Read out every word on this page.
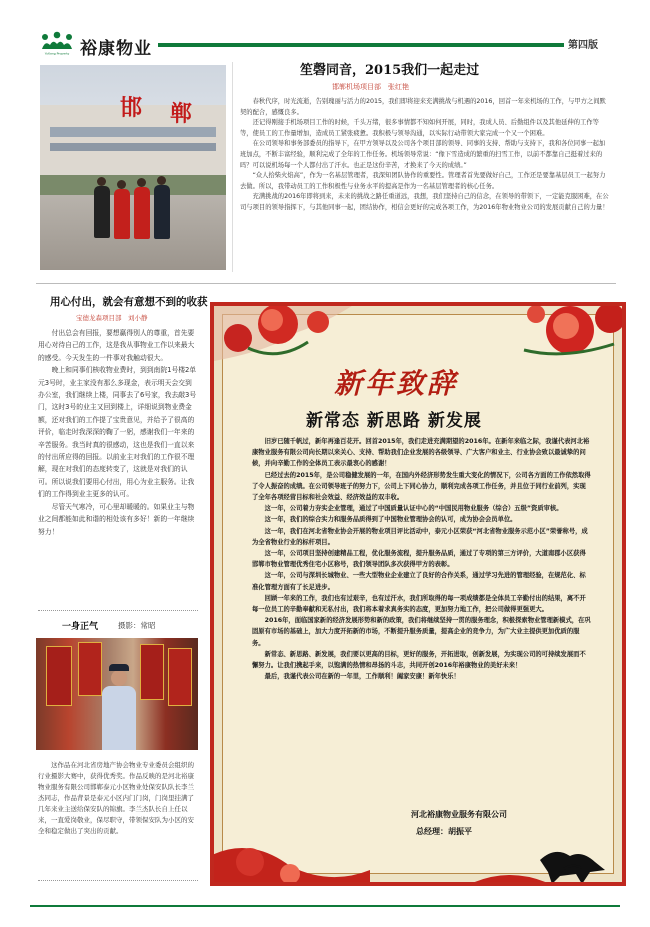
YuKang Property 裕康物业	第四版
邯 郸
笙磬同音，2015我们一起走过
邯郸机场项目部　张红艳

春秋代序，时光流逝，告别瑰丽与活力的2015，我们即将迎来充满挑战与机遇的2016，回首一年来机场的工作，与甲方之间默契的配合，感慨良多。

还记得刚接手机场项目工作的时候，千头万绪，很多事情都不知如何开展，同时，我成人员、后勤组件以及其他延伸的工作等等，使员工的工作量增加，造成员工紧张疲惫。我积极与领导沟通，以实际行动带领大家完成一个又一个困难。

在公司领导和事务部委员的指导下，在甲方领导以及公司各个项目部的领导、同事的支持、帮助与支持下，我和各位同事一起加班加点，不断丰富经验，顺利完成了全年的工作任务。机场领导常说：“像下雪造成的繁重的扫雪工作，以前不都靠自己挺着过来的吗？可以说机场每一个人都付出了汗水。也正是这份辛苦，才换来了今天的成绩。”

“众人拾柴火焰高”，作为一名基层管理者，我深知团队协作的重要性。管理者首先要做好自己，工作还是要靠基层员工一起努力去做。所以，我带动员工的工作积极性与业务水平的提高是作为一名基层管理者的核心任务。

充满挑战的2016年即将到来，未来的挑战之路任重道远，我想，我们坚持自己的信念，在领导的带领下，一定能克服困难，在公司与项目的领导指挥下，与其他同事一起，团结协作，相信会更好的完成各项工作，为2016年物业物业公司的发展贡献自己的力量！

用心付出，就会有意想不到的收获
宝德龙森项目部　刘小静

付出总会有回报，要想赢得别人的尊重，首先要用心对待自己的工作，这是我从事物业工作以来最大的感受。今天发生的一件事对我触动很大。

晚上和同事们核收物业费时，到到南院1号楼2单元3号时，业主家没有那么多现金，表示明天会交到办公室，我们继续上楼，同事去了6号家，我去敲3号门，这时3号的业主又回到楼上，详细说到物业费金额，还对我们的工作提了宝贵意见，并给予了很高的评价，临走时我深深的鞠了一躬，感谢我们一年来的辛苦服务。我当时真的很感动，这也是我们一直以来的付出所应得的回报。以前业主对我们的工作很不理解，现在对我们的态度转变了，这就是对我们的认可。所以说我们要用心付出，用心为业主服务。让我们的工作得到业主更多的认可。

尽管天气寒冷，可心里却暖暖的。如果业主与物业之间都能如此和谐的相处该有多好！新的一年继续努力！

一身正气	摄影：常昭
这作品在河北省房地产协会物业专业委员会组织的行业摄影大赛中，获得优秀奖。作品反映的是河北裕康物业服务有限公司邯郸泰元小区物业处保安队队长李兰杰同志，作品背景是泰元小区内门门岗，门岗里挂满了几年来业主送给保安队的锦旗。李兰杰队长自上任以来，一直爱岗敬业，保尽职守，带领保安队为小区的安全和稳定做出了突出的贡献。
新年致辞
新常态 新思路 新发展

旧岁已随千帆过，新年再逢百花开。回首2015年，我们走进充满期望的2016年。在新年来临之际，我谨代表河北裕康物业服务有限公司向长期以来关心、支持、帮助我们企业发展的各级领导、广大客户和业主、行业协会致以最诚挚的问候，并向辛勤工作的全体员工表示最衷心的感谢！

已经过去的2015年，是公司稳健发展的一年，在国内外经济形势发生重大变化的情况下，公司各方面的工作依然取得了令人振奋的成绩。在公司领导班子的努力下，公司上下同心协力，顺利完成各项工作任务，并且位于同行业前列，实现了全年各项经营目标和社会效益、经济效益的双丰收。

这一年，公司着力夯实企业管理，通过了中国质量认证中心的“中国民用物业服务（综合）五级”资质审核。

这一年，我们的综合实力和服务品质得到了中国物业管理协会的认可，成为协会会员单位。

这一年，我们在河北省物业协会开展的物业项目评比活动中，泰元小区荣获“河北省物业服务示范小区”荣誉称号，成为全省物业行业的标杆项目。

这一年，公司项目坚持创建精品工程，优化服务流程，提升服务品质，通过了专项的第三方评价，大道南郡小区获得邯郸市物业管理优秀住宅小区称号，我们领导团队多次获得甲方的表彰。

这一年，公司与深圳长城物业、一些大型物业企业建立了良好的合作关系，通过学习先进的管理经验，在规范化、标准化管理方面有了长足进步。

回顾一年来的工作，我们也有过艰辛，也有过汗水，我们所取得的每一项成绩都是全体员工辛勤付出的结果，离不开每一位员工的辛勤奉献和无私付出，我们将本着求真务实的态度，更加努力地工作，把公司做得更强更大。

2016年，面临国家新的经济发展形势和新的政策，我们将继续坚持一贯的服务理念，积极探索物业管理新模式，在巩固原有市场的基础上，加大力度开拓新的市场，不断提升服务质量，提高企业的竞争力，为广大业主提供更加优质的服务。

新常态、新思路、新发展，我们要以更高的目标，更好的服务，开拓进取，创新发展，为实现公司的可持续发展而不懈努力。让我们携起手来，以饱满的热情和昂扬的斗志，共同开创2016年裕康物业的美好未来！

最后，我谨代表公司在新的一年里，工作顺利！阖家安康！新年快乐！

河北裕康物业服务有限公司
总经理：胡振平
